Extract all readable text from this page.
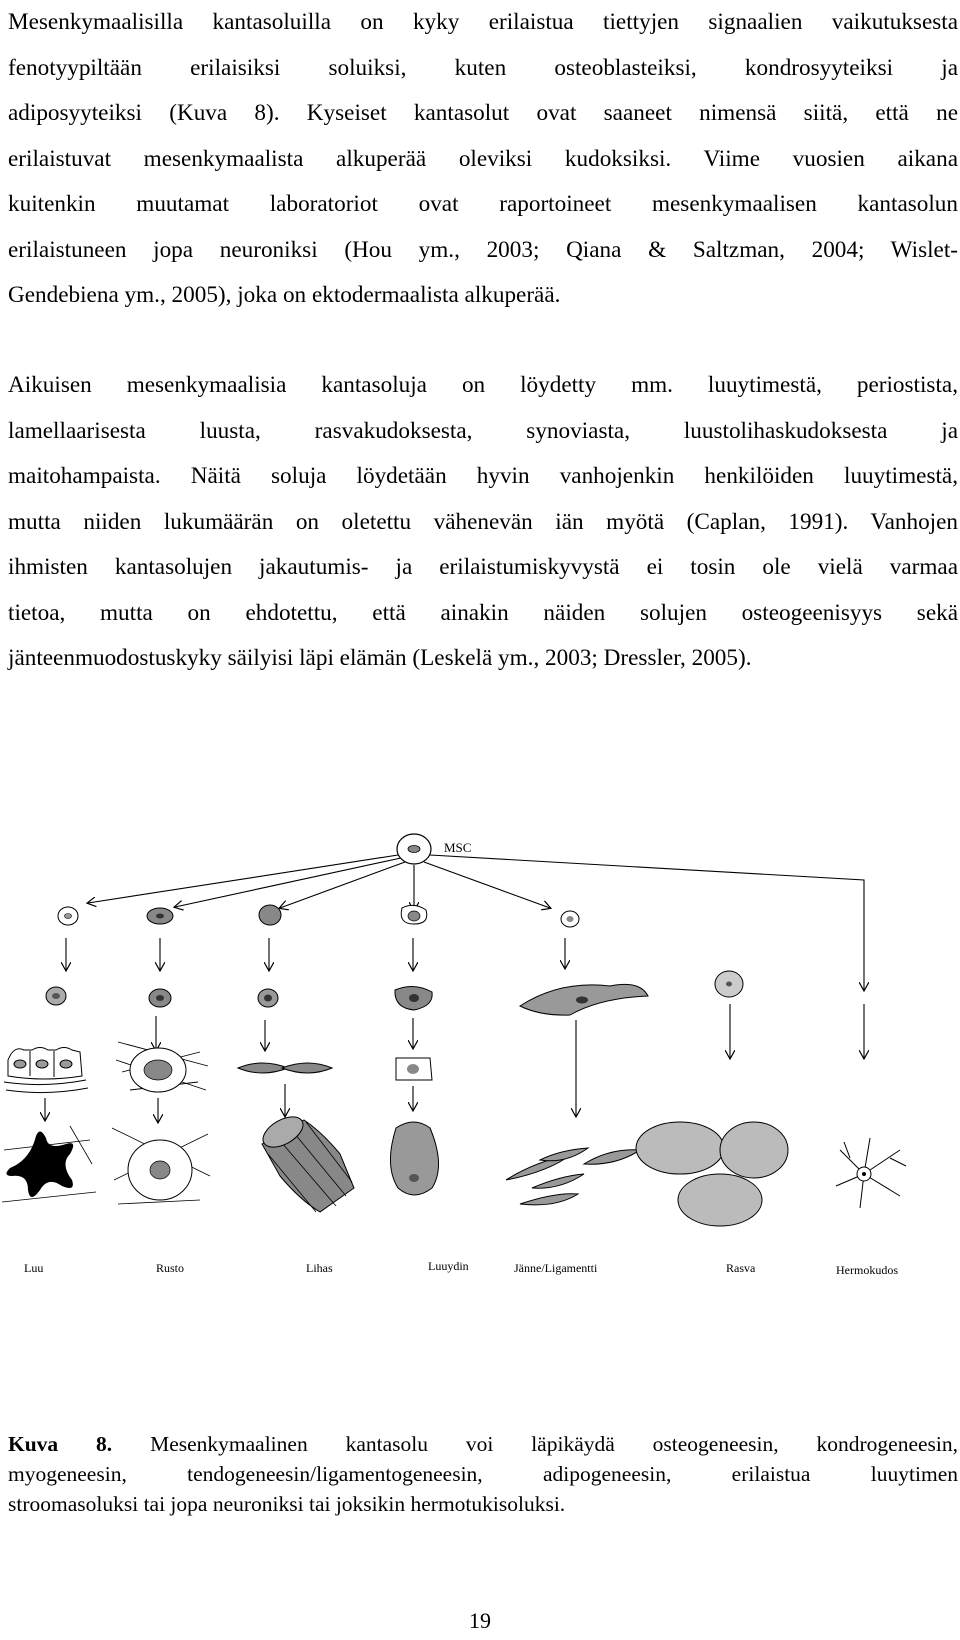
Mesenkymaalisilla kantasoluilla on kyky erilaistua tiettyjen signaalien vaikutuksesta
fenotyypiltään erilaisiksi soluiksi, kuten osteoblasteiksi, kondrosyyteiksi ja
adiposyyteiksi (Kuva 8). Kyseiset kantasolut ovat saaneet nimensä siitä, että ne
erilaistuvat mesenkymaalista alkuperää oleviksi kudoksiksi. Viime vuosien aikana
kuitenkin muutamat laboratoriot ovat raportoineet mesenkymaalisen kantasolun
erilaistuneen jopa neuroniksi (Hou ym., 2003; Qiana & Saltzman, 2004; Wislet-
Gendebiena ym., 2005), joka on ektodermaalista alkuperää.
Aikuisen mesenkymaalisia kantasoluja on löydetty mm. luuytimestä, periostista,
lamellaarisesta luusta, rasvakudoksesta, synoviasta, luustolihaskudoksesta ja
maitohampaista. Näitä soluja löydetään hyvin vanhojenkin henkilöiden luuytimestä,
mutta niiden lukumäärän on oletettu vähenevän iän myötä (Caplan, 1991). Vanhojen
ihmisten kantasolujen jakautumis- ja erilaistumiskyvystä ei tosin ole vielä varmaa
tietoa, mutta on ehdotettu, että ainakin näiden solujen osteogeenisyys sekä
jänteenmuodostuskyky säilyisi läpi elämän (Leskelä ym., 2003; Dressler, 2005).
MSC
Luu	Rusto	Lihas	Luuydin	Jänne/Ligamentti	Rasva	Hermokudos
Kuva 8. Mesenkymaalinen kantasolu voi läpikäydä osteogeneesin, kondrogeneesin,
myogeneesin, tendogeneesin/ligamentogeneesin, adipogeneesin, erilaistua luuytimen
stroomasoluksi tai jopa neuroniksi tai joksikin hermotukisoluksi.
19
